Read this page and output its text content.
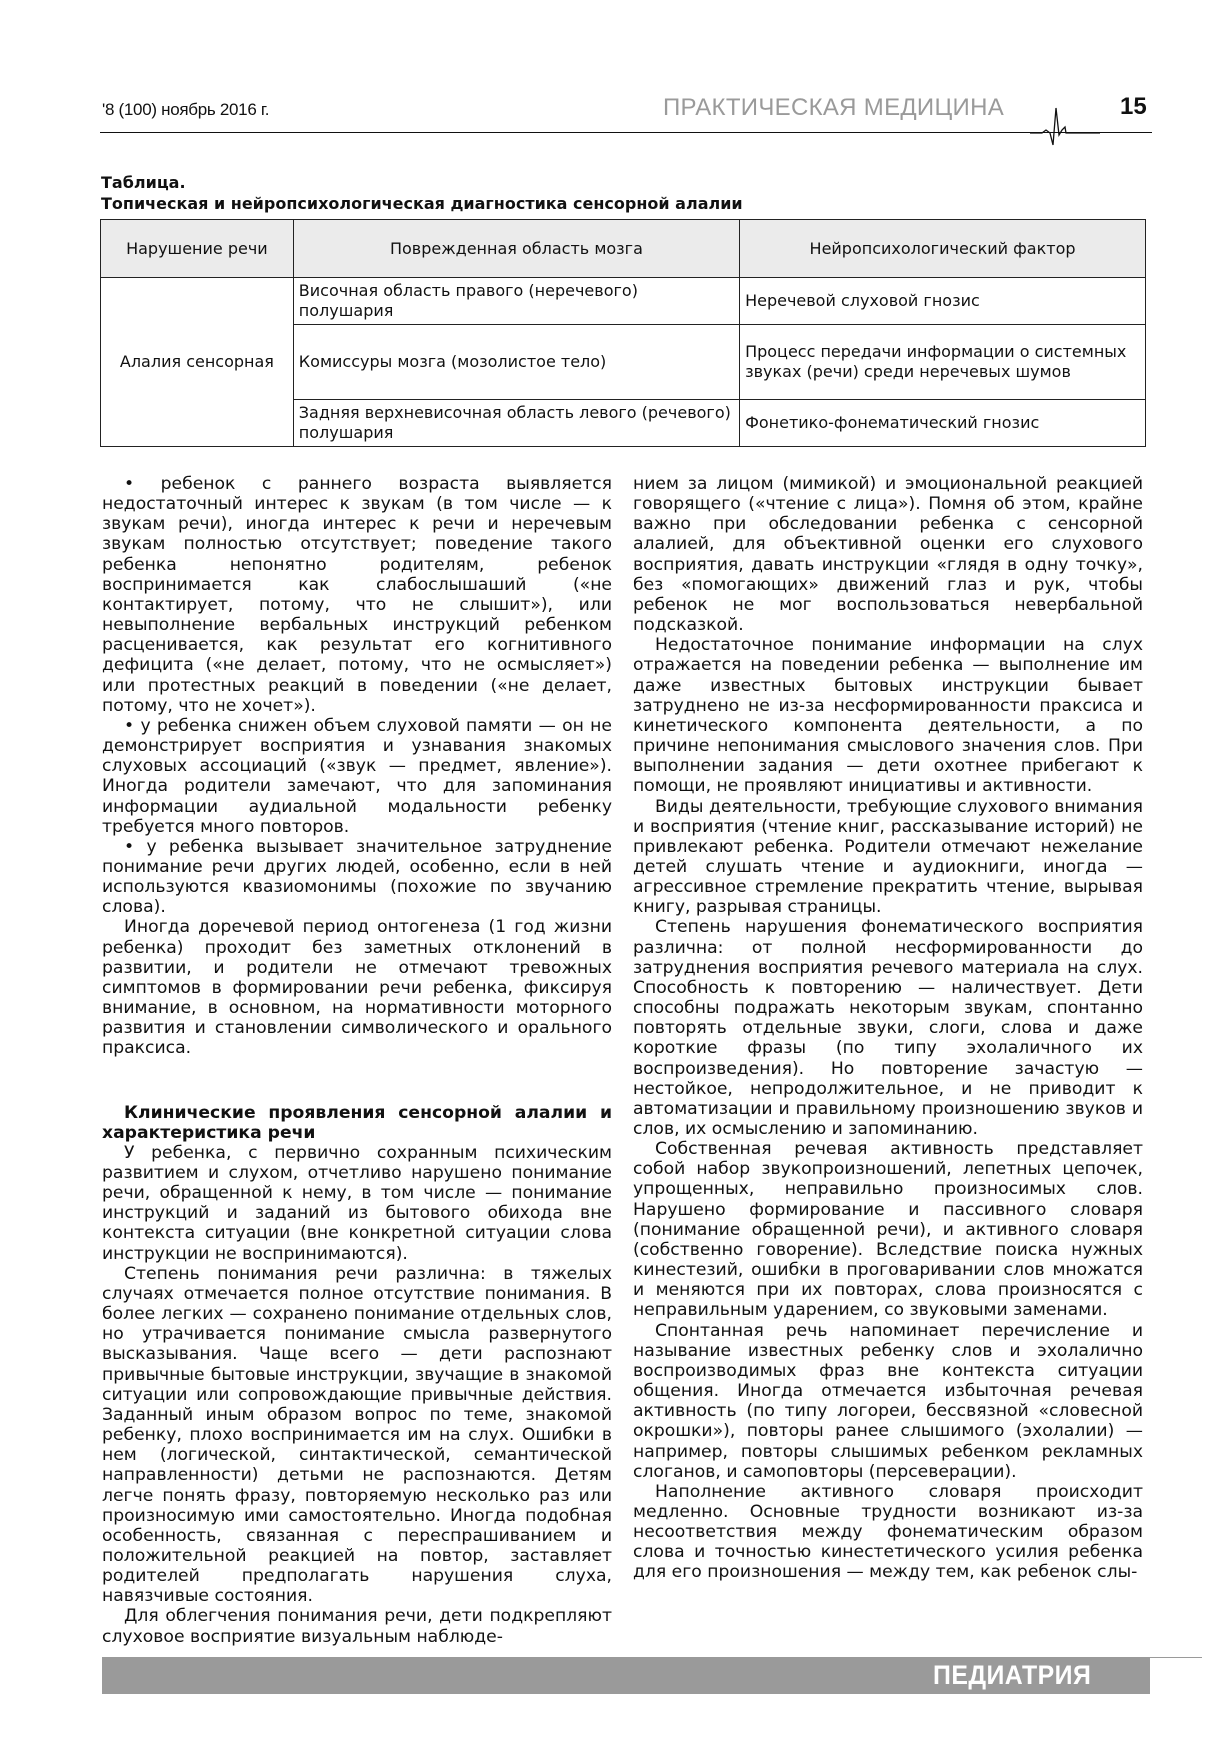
'8 (100) ноябрь 2016 г.	ПРАКТИЧЕСКАЯ МЕДИЦИНА	15
Таблица.
Топическая и нейропсихологическая диагностика сенсорной алалии
Нарушение речи	Поврежденная область мозга	Нейропсихологический фактор
Алалия сенсорная	Височная область правого (неречевого) полушария	Неречевой слуховой гнозис
	Комиссуры мозга (мозолистое тело)	Процесс передачи информации о системных звуках (речи) среди неречевых шумов
	Задняя верхневисочная область левого (речевого) полушария	Фонетико-фонематический гнозис

• ребенок с раннего возраста выявляется недостаточный интерес к звукам (в том числе — к звукам речи), иногда интерес к речи и неречевым звукам полностью отсутствует; поведение такого ребенка непонятно родителям, ребенок воспринимается как слабослышаший («не контактирует, потому, что не слышит»), или невыполнение вербальных инструкций ребенком расценивается, как результат его когнитивного дефицита («не делает, потому, что не осмысляет») или протестных реакций в поведении («не делает, потому, что не хочет»).

• у ребенка снижен объем слуховой памяти — он не демонстрирует восприятия и узнавания знакомых слуховых ассоциаций («звук — предмет, явление»). Иногда родители замечают, что для запоминания информации аудиальной модальности ребенку требуется много повторов.

• у ребенка вызывает значительное затруднение понимание речи других людей, особенно, если в ней используются квазиомонимы (похожие по звучанию слова).

Иногда доречевой период онтогенеза (1 год жизни ребенка) проходит без заметных отклонений в развитии, и родители не отмечают тревожных симптомов в формировании речи ребенка, фиксируя внимание, в основном, на нормативности моторного развития и становлении символического и орального праксиса.

Клинические проявления сенсорной алалии и характеристика речи

У ребенка, с первично сохранным психическим развитием и слухом, отчетливо нарушено понимание речи, обращенной к нему, в том числе — понимание инструкций и заданий из бытового обихода вне контекста ситуации (вне конкретной ситуации слова инструкции не воспринимаются).

Степень понимания речи различна: в тяжелых случаях отмечается полное отсутствие понимания. В более легких — сохранено понимание отдельных слов, но утрачивается понимание смысла развернутого высказывания. Чаще всего — дети распознают привычные бытовые инструкции, звучащие в знакомой ситуации или сопровождающие привычные действия. Заданный иным образом вопрос по теме, знакомой ребенку, плохо воспринимается им на слух. Ошибки в нем (логической, синтактической, семантической направленности) детьми не распознаются. Детям легче понять фразу, повторяемую несколько раз или произносимую ими самостоятельно. Иногда подобная особенность, связанная с переспрашиванием и положительной реакцией на повтор, заставляет родителей предполагать нарушения слуха, навязчивые состояния.

Для облегчения понимания речи, дети подкрепляют слуховое восприятие визуальным наблюде-

нием за лицом (мимикой) и эмоциональной реакцией говорящего («чтение с лица»). Помня об этом, крайне важно при обследовании ребенка с сенсорной алалией, для объективной оценки его слухового восприятия, давать инструкции «глядя в одну точку», без «помогающих» движений глаз и рук, чтобы ребенок не мог воспользоваться невербальной подсказкой.

Недостаточное понимание информации на слух отражается на поведении ребенка — выполнение им даже известных бытовых инструкции бывает затруднено не из-за несформированности праксиса и кинетического компонента деятельности, а по причине непонимания смыслового значения слов. При выполнении задания — дети охотнее прибегают к помощи, не проявляют инициативы и активности.

Виды деятельности, требующие слухового внимания и восприятия (чтение книг, рассказывание историй) не привлекают ребенка. Родители отмечают нежелание детей слушать чтение и аудиокниги, иногда — агрессивное стремление прекратить чтение, вырывая книгу, разрывая страницы.

Степень нарушения фонематического восприятия различна: от полной несформированности до затруднения восприятия речевого материала на слух. Способность к повторению — наличествует. Дети способны подражать некоторым звукам, спонтанно повторять отдельные звуки, слоги, слова и даже короткие фразы (по типу эхолаличного их воспроизведения). Но повторение зачастую — нестойкое, непродолжительное, и не приводит к автоматизации и правильному произношению звуков и слов, их осмыслению и запоминанию.

Собственная речевая активность представляет собой набор звукопроизношений, лепетных цепочек, упрощенных, неправильно произносимых слов. Нарушено формирование и пассивного словаря (понимание обращенной речи), и активного словаря (собственно говорение). Вследствие поиска нужных кинестезий, ошибки в проговаривании слов множатся и меняются при их повторах, слова произносятся с неправильным ударением, со звуковыми заменами.

Спонтанная речь напоминает перечисление и называние известных ребенку слов и эхолалично воспроизводимых фраз вне контекста ситуации общения. Иногда отмечается избыточная речевая активность (по типу логореи, бессвязной «словесной окрошки»), повторы ранее слышимого (эхолалии) — например, повторы слышимых ребенком рекламных слоганов, и самоповторы (персеверации).

Наполнение активного словаря происходит медленно. Основные трудности возникают из-за несоответствия между фонематическим образом слова и точностью кинестетического усилия ребенка для его произношения — между тем, как ребенок слы-

ПЕДИАТРИЯ
